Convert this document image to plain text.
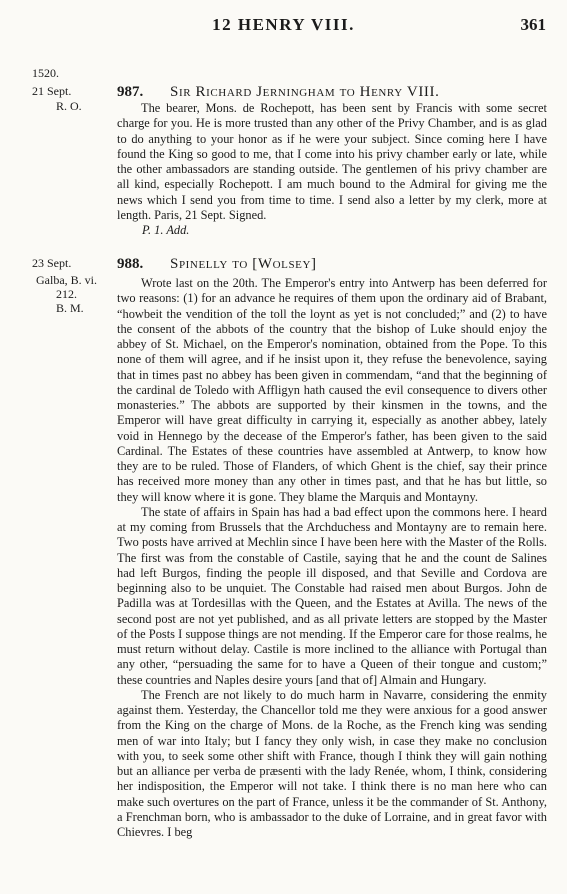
12 HENRY VIII.	361
1520.
21 Sept.
R. O.
987. Sir Richard Jerningham to Henry VIII.

The bearer, Mons. de Rochepott, has been sent by Francis with some secret charge for you. He is more trusted than any other of the Privy Chamber, and is as glad to do anything to your honor as if he were your subject. Since coming here I have found the King so good to me, that I come into his privy chamber early or late, while the other ambassadors are standing outside. The gentlemen of his privy chamber are all kind, especially Rochepott. I am much bound to the Admiral for giving me the news which I send you from time to time. I send also a letter by my clerk, more at length. Paris, 21 Sept. Signed.

P. 1. Add.

23 Sept.
Galba, B. vi.
212.
B. M.
988. Spinelly to [Wolsey]

Wrote last on the 20th. The Emperor's entry into Antwerp has been deferred for two reasons: (1) for an advance he requires of them upon the ordinary aid of Brabant, “howbeit the vendition of the toll the loynt as yet is not concluded;” and (2) to have the consent of the abbots of the country that the bishop of Luke should enjoy the abbey of St. Michael, on the Emperor's nomination, obtained from the Pope. To this none of them will agree, and if he insist upon it, they refuse the benevolence, saying that in times past no abbey has been given in commendam, “and that the beginning of the cardinal de Toledo with Affligyn hath caused the evil consequence to divers other monasteries.” The abbots are supported by their kinsmen in the towns, and the Emperor will have great difficulty in carrying it, especially as another abbey, lately void in Hennego by the decease of the Emperor's father, has been given to the said Cardinal. The Estates of these countries have assembled at Antwerp, to know how they are to be ruled. Those of Flanders, of which Ghent is the chief, say their prince has received more money than any other in times past, and that he has but little, so they will know where it is gone. They blame the Marquis and Montayny.

The state of affairs in Spain has had a bad effect upon the commons here. I heard at my coming from Brussels that the Archduchess and Montayny are to remain here. Two posts have arrived at Mechlin since I have been here with the Master of the Rolls. The first was from the constable of Castile, saying that he and the count de Salines had left Burgos, finding the people ill disposed, and that Seville and Cordova are beginning also to be unquiet. The Constable had raised men about Burgos. John de Padilla was at Tordesillas with the Queen, and the Estates at Avilla. The news of the second post are not yet published, and as all private letters are stopped by the Master of the Posts I suppose things are not mending. If the Emperor care for those realms, he must return without delay. Castile is more inclined to the alliance with Portugal than any other, “persuading the same for to have a Queen of their tongue and custom;” these countries and Naples desire yours [and that of] Almain and Hungary.

The French are not likely to do much harm in Navarre, considering the enmity against them. Yesterday, the Chancellor told me they were anxious for a good answer from the King on the charge of Mons. de la Roche, as the French king was sending men of war into Italy; but I fancy they only wish, in case they make no conclusion with you, to seek some other shift with France, though I think they will gain nothing but an alliance per verba de præsenti with the lady Renée, whom, I think, considering her indisposition, the Emperor will not take. I think there is no man here who can make such overtures on the part of France, unless it be the commander of St. Anthony, a Frenchman born, who is ambassador to the duke of Lorraine, and in great favor with Chievres. I beg
